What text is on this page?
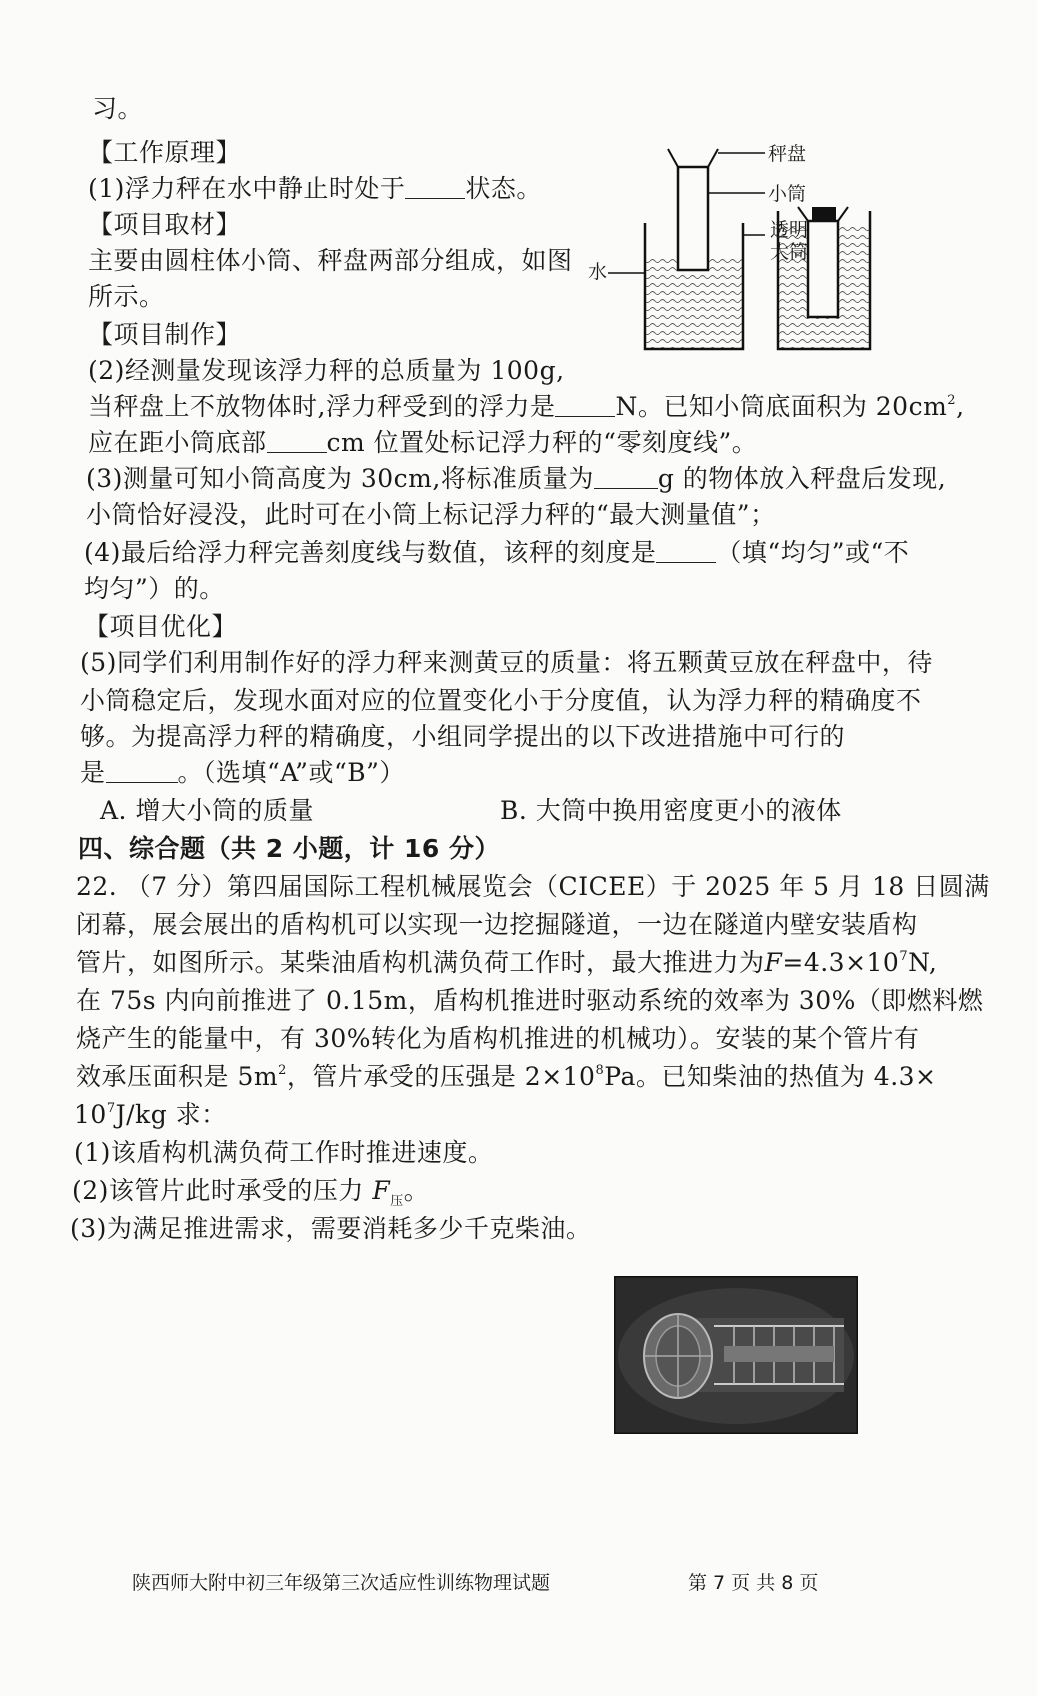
习。
【工作原理】
(1)浮力秤在水中静止时处于 状态。
【项目取材】
主要由圆柱体小筒、秤盘两部分组成，如图
所示。
【项目制作】
(2)经测量发现该浮力秤的总质量为 100g,
当秤盘上不放物体时,浮力秤受到的浮力是 N。已知小筒底面积为 $20cm^2$,
应在距小筒底部 cm 位置处标记浮力秤的“零刻度线”。
(3)测量可知小筒高度为 30cm,将标准质量为	g 的物体放入秤盘后发现,
小筒恰好浸没，此时可在小筒上标记浮力秤的“最大测量值”；
(4)最后给浮力秤完善刻度线与数值，该秤的刻度是 （填“均匀”或“不
均匀”）的。
【项目优化】
(5)同学们利用制作好的浮力秤来测黄豆的质量：将五颗黄豆放在秤盘中，待
小筒稳定后，发现水面对应的位置变化小于分度值，认为浮力秤的精确度不
够。为提高浮力秤的精确度，小组同学提出的以下改进措施中可行的
是	。（选填“A”或“B”）
A. 增大小筒的质量	B. 大筒中换用密度更小的液体
四、综合题（共 2 小题，计 16 分）
22. （7 分）第四届国际工程机械展览会（CICEE）于 2025 年 5 月 18 日圆满
闭幕，展会展出的盾构机可以实现一边挖掘隧道，一边在隧道内壁安装盾构
管片，如图所示。某柴油盾构机满负荷工作时，最大推进力为$F=4.3\times 10^7N$,
在 75s 内向前推进了 0.15m，盾构机推进时驱动系统的效率为 30%（即燃料燃
烧产生的能量中，有 30%转化为盾构机推进的机械功）。安装的某个管片有
效承压面积是 $5m^2$，管片承受的压强是 $2\times 10^8Pa$。已知柴油的热值为 4.3×
$10^7J/kg$ 求：
(1)该盾构机满负荷工作时推进速度。
(2)该管片此时承受的压力 $F_压$。
(3)为满足推进需求，需要消耗多少千克柴油。
秤盘
小筒
透明
大筒
水
陕西师大附中初三年级第三次适应性训练物理试题	第 7 页 共 8 页
